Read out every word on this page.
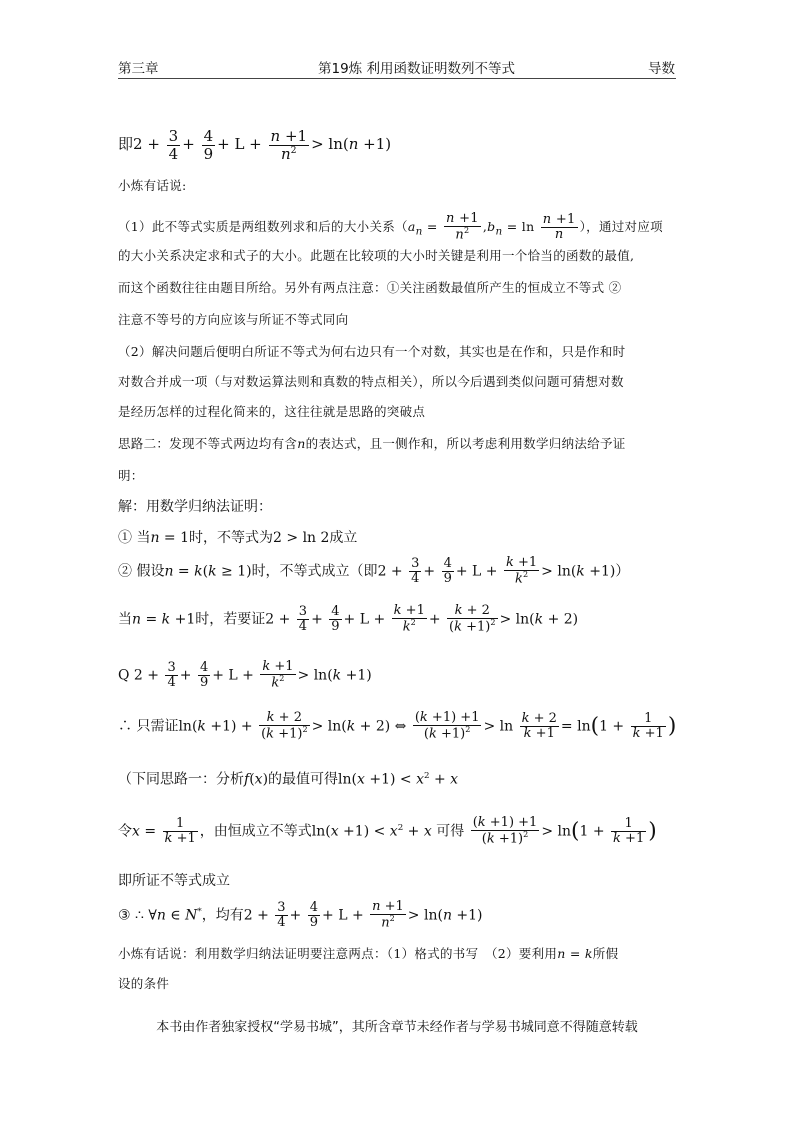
第三章	第19炼 利用函数证明数列不等式	导数
即$2 + \frac{3}{4} + \frac{4}{9} + L + \frac{n +1}{n^2} > \ln(n +1)$
小炼有话说:
（1）此不等式实质是两组数列求和后的大小关系（$a_n = \frac{n +1}{n^2} ,b_n = \ln \frac{n +1}{n}$ ），通过对应项
的大小关系决定求和式子的大小。此题在比较项的大小时关键是利用一个恰当的函数的最值,
而这个函数往往由题目所给。另外有两点注意：①关注函数最值所产生的恒成立不等式 ②
注意不等号的方向应该与所证不等式同向
（2）解决问题后便明白所证不等式为何右边只有一个对数，其实也是在作和，只是作和时
对数合并成一项（与对数运算法则和真数的特点相关），所以今后遇到类似问题可猜想对数
是经历怎样的过程化简来的，这往往就是思路的突破点
思路二：发现不等式两边均有含n的表达式，且一侧作和，所以考虑利用数学归纳法给予证
明：
解：用数学归纳法证明：
① 当n = 1时，不等式为2 > ln 2成立
② 假设n = k(k ≥ 1)时，不等式成立（即$2 + \frac{3}{4} + \frac{4}{9} + L + \frac{k +1}{k^2} > \ln(k +1)$）
当n = k +1时，若要证$2 + \frac{3}{4} + \frac{4}{9} + L + \frac{k +1}{k^2} + \frac{k + 2}{(k +1)^2} > \ln(k + 2)$
Q $2 + \frac{3}{4} + \frac{4}{9} + L + \frac{k +1}{k^2} > \ln(k +1)$
∴ 只需证$\ln(k +1) + \frac{k + 2}{(k +1)^2} > \ln(k + 2)$ ⇔ $\frac{(k +1) +1}{(k +1)^2} > \ln \frac{k + 2}{k +1} = \ln(1 + \frac{1}{k +1}$ )
（下同思路一：分析f(x)的最值可得$\ln(x +1) < x^2 + x$
令$x = \frac{1}{k +1}$ ，由恒成立不等式$\ln(x +1) < x^2 + x$ 可得 $\frac{(k +1) +1}{(k +1)^2} > \ln(1 + \frac{1}{k +1}$ )
即所证不等式成立
③ ∴ ∀n ∈ N*，均有$2 + \frac{3}{4} + \frac{4}{9} + L + \frac{n +1}{n^2} > \ln(n +1)$
小炼有话说：利用数学归纳法证明要注意两点：（1）格式的书写　（2）要利用n = k所假
设的条件
本书由作者独家授权“学易书城”，其所含章节未经作者与学易书城同意不得随意转载
